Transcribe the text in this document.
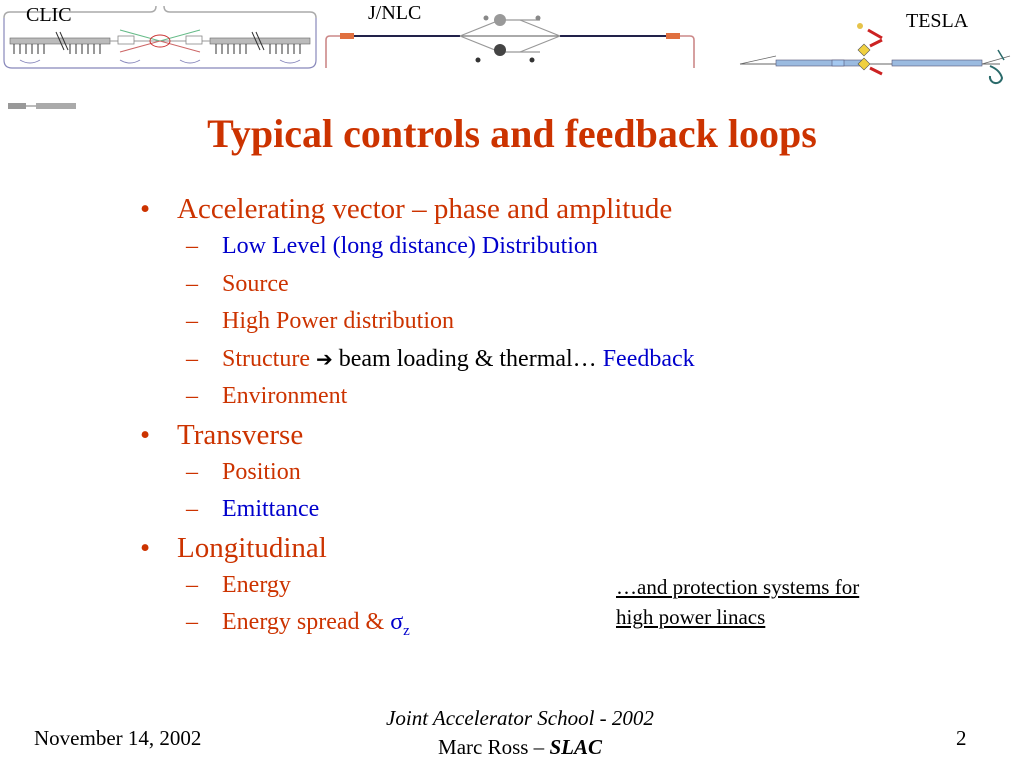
CLIC	J/NLC	TESLA
Typical controls and feedback loops
• Accelerating vector – phase and amplitude
– Low Level (long distance) Distribution
– Source
– High Power distribution
– Structure ➔ beam loading & thermal… Feedback
– Environment
• Transverse
– Position
– Emittance
• Longitudinal
– Energy
– Energy spread & $\sigma_z$
…and protection systems for
high power linacs
November 14, 2002
Joint Accelerator School - 2002
Marc Ross – SLAC	2
